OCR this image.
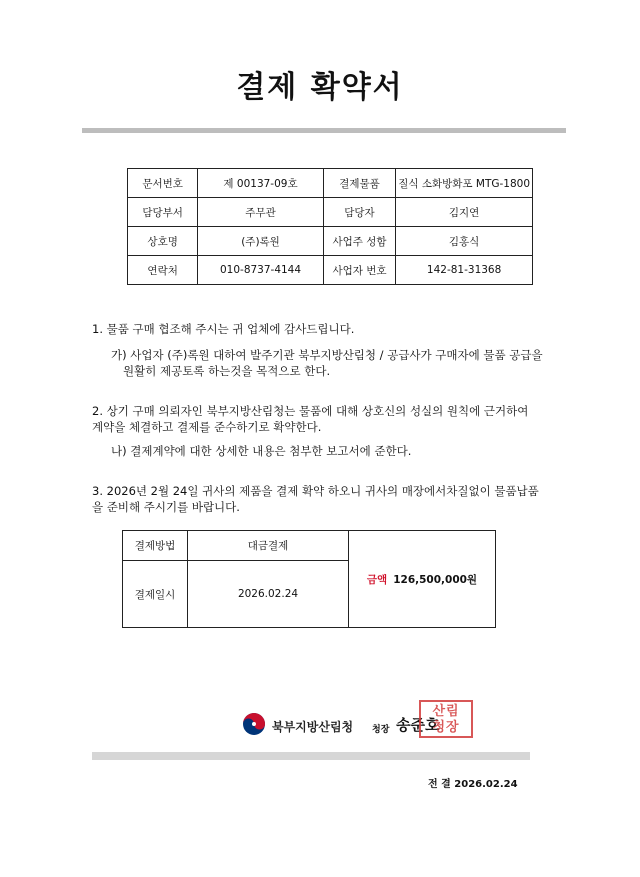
결제 확약서
문서번호	제 00137-09호	결제물품	질식 소화방화포 MTG-1800
담당부서	주무관	담당자	김지연
상호명	(주)록원	사업주 성함	김홍식
연락처	010-8737-4144	사업자 번호	142-81-31368
1. 물품 구매 협조해 주시는 귀 업체에 감사드립니다.
가) 사업자 (주)록원 대하여 발주기관 북부지방산림청 / 공급사가 구매자에 물품 공급을
원활히 제공토록 하는것을 목적으로 한다.
2. 상기 구매 의뢰자인 북부지방산림청는 물품에 대해 상호신의 성실의 원칙에 근거하여
계약을 체결하고 결제를 준수하기로 확약한다.
나) 결제계약에 대한 상세한 내용은 첨부한 보고서에 준한다.
3. 2026년 2월 24일 귀사의 제품을 결제 확약 하오니 귀사의 매장에서차질없이 물품납품
을 준비해 주시기를 바랍니다.
결제방법	대금결제	금액 126,500,000원
결제일시	2026.02.24	
북부지방산림청 청장 송준호
산림
청장
전 결 2026.02.24
